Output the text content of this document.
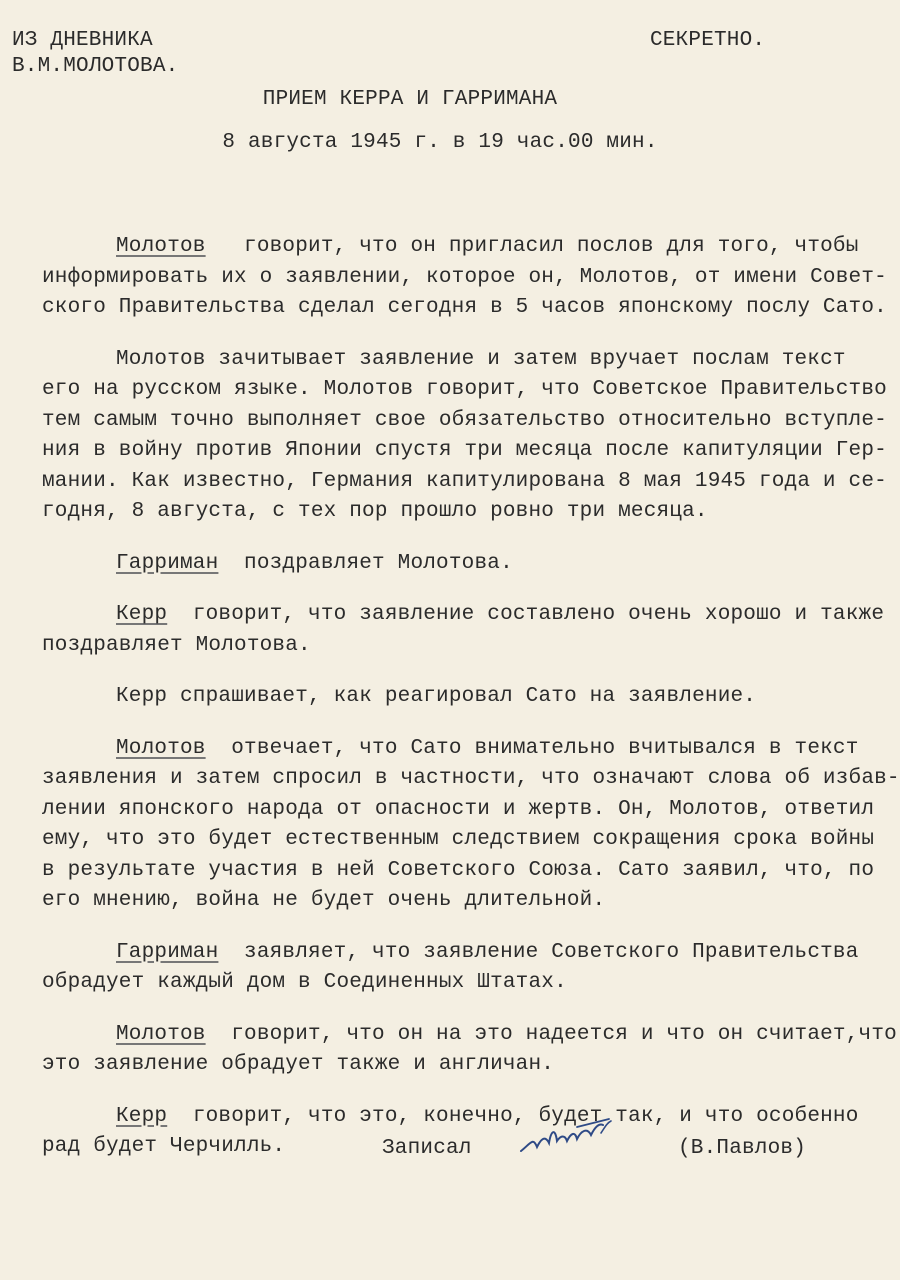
ИЗ ДНЕВНИКА
В.М.МОЛОТОВА.
СЕКРЕТНО.
ПРИЕМ КЕРРА И ГАРРИМАНА
8 августа 1945 г. в 19 час.00 мин.
Молотов   говорит, что он пригласил послов для того, чтобы
информировать их о заявлении, которое он, Молотов, от имени Совет-
ского Правительства сделал сегодня в 5 часов японскому послу Сато.
Молотов зачитывает заявление и затем вручает послам текст
его на русском языке. Молотов говорит, что Советское Правительство
тем самым точно выполняет свое обязательство относительно вступле-
ния в войну против Японии спустя три месяца после капитуляции Гер-
мании. Как известно, Германия капитулирована 8 мая 1945 года и се-
годня, 8 августа, с тех пор прошло ровно три месяца.
Гарриман  поздравляет Молотова.
Керр  говорит, что заявление составлено очень хорошо и также
поздравляет Молотова.
Керр спрашивает, как реагировал Сато на заявление.
Молотов  отвечает, что Сато внимательно вчитывался в текст
заявления и затем спросил в частности, что означают слова об избав-
лении японского народа от опасности и жертв. Он, Молотов, ответил
ему, что это будет естественным следствием сокращения срока войны
в результате участия в ней Советского Союза. Сато заявил, что, по
его мнению, война не будет очень длительной.
Гарриман  заявляет, что заявление Советского Правительства
обрадует каждый дом в Соединенных Штатах.
Молотов  говорит, что он на это надеется и что он считает,что
это заявление обрадует также и англичан.
Керр  говорит, что это, конечно, будет так, и что особенно
рад будет Черчилль.	Записал	(В.Павлов)
